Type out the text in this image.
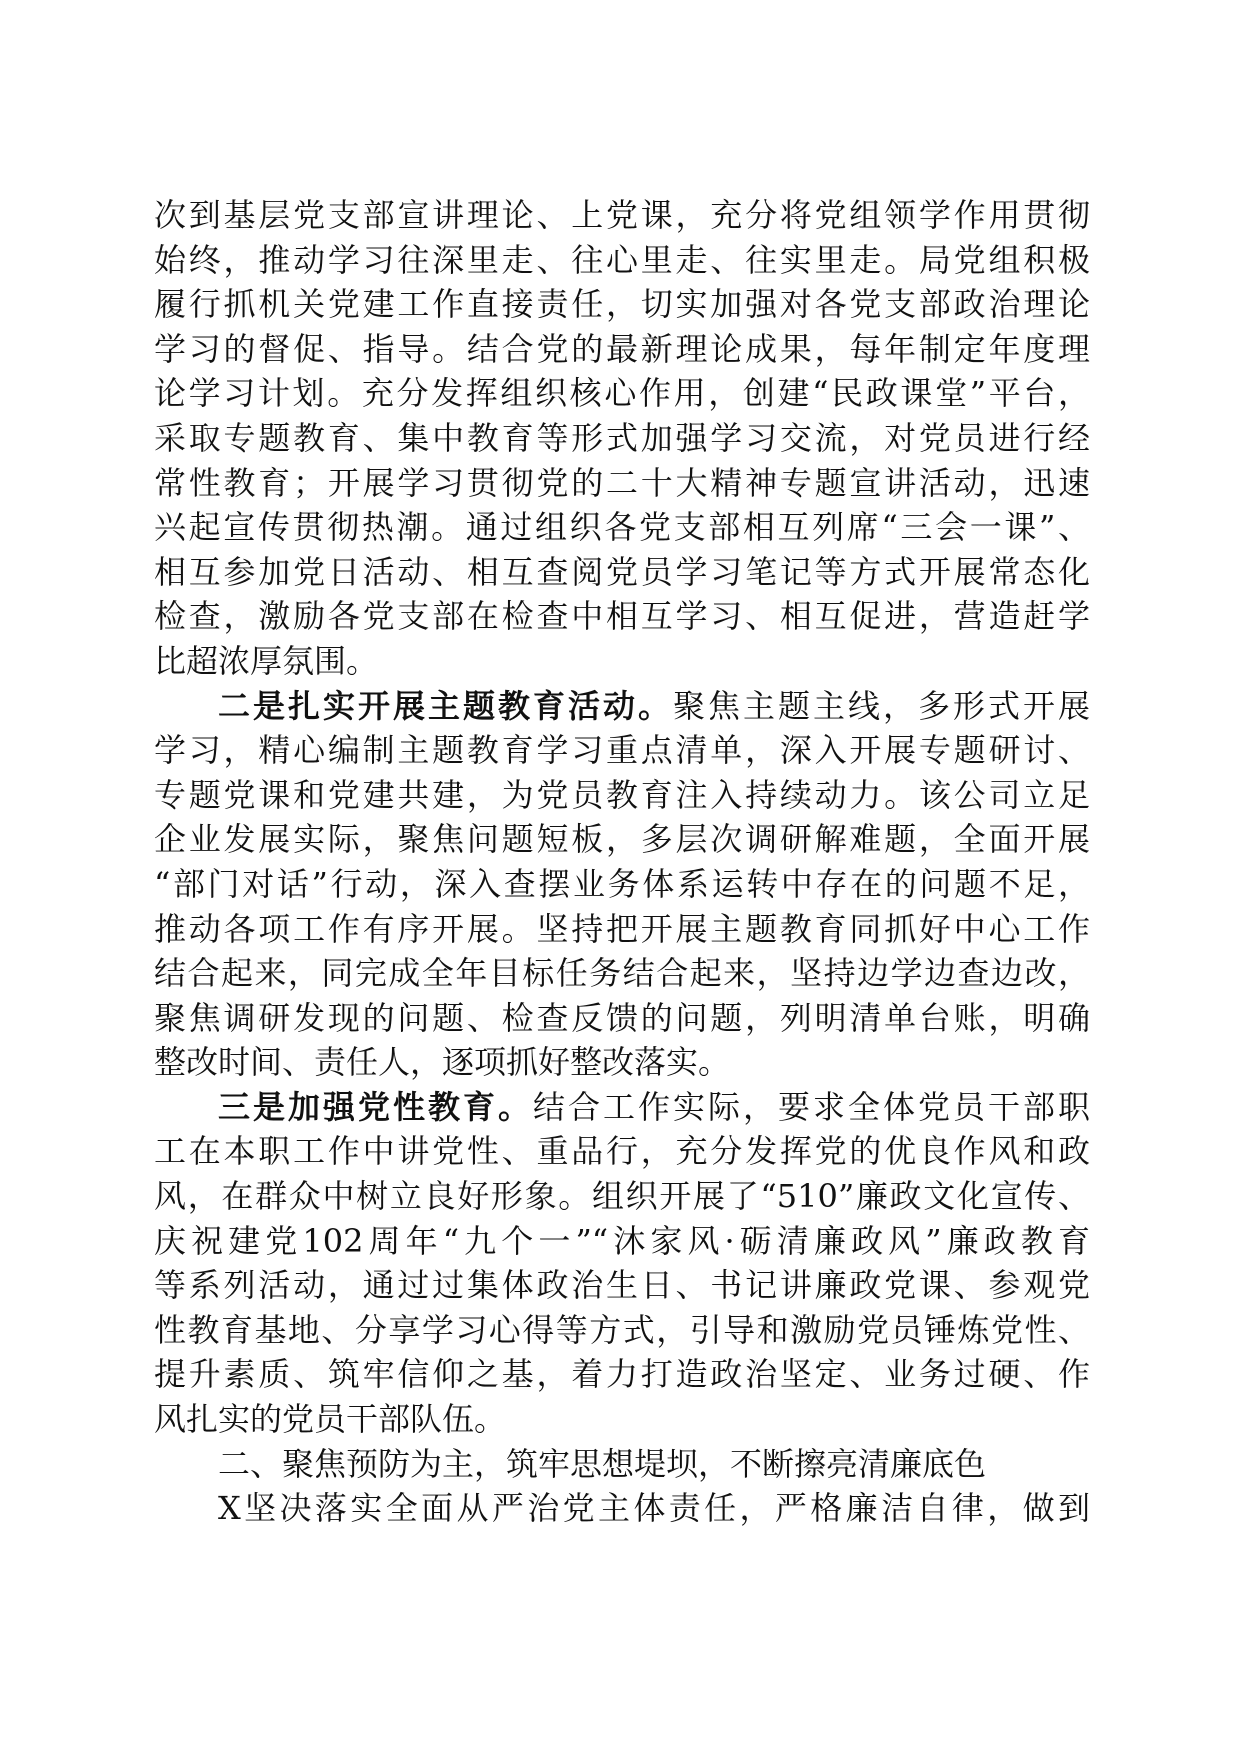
次到基层党支部宣讲理论、上党课，充分将党组领学作用贯彻
始终，推动学习往深里走、往心里走、往实里走。局党组积极
履行抓机关党建工作直接责任，切实加强对各党支部政治理论
学习的督促、指导。结合党的最新理论成果，每年制定年度理
论学习计划。充分发挥组织核心作用，创建“民政课堂”平台，
采取专题教育、集中教育等形式加强学习交流，对党员进行经
常性教育；开展学习贯彻党的二十大精神专题宣讲活动，迅速
兴起宣传贯彻热潮。通过组织各党支部相互列席“三会一课”、
相互参加党日活动、相互查阅党员学习笔记等方式开展常态化
检查，激励各党支部在检查中相互学习、相互促进，营造赶学
比超浓厚氛围。
二是扎实开展主题教育活动。聚焦主题主线，多形式开展
学习，精心编制主题教育学习重点清单，深入开展专题研讨、
专题党课和党建共建，为党员教育注入持续动力。该公司立足
企业发展实际，聚焦问题短板，多层次调研解难题，全面开展
“部门对话”行动，深入查摆业务体系运转中存在的问题不足，
推动各项工作有序开展。坚持把开展主题教育同抓好中心工作
结合起来，同完成全年目标任务结合起来，坚持边学边查边改，
聚焦调研发现的问题、检查反馈的问题，列明清单台账，明确
整改时间、责任人，逐项抓好整改落实。
三是加强党性教育。结合工作实际，要求全体党员干部职
工在本职工作中讲党性、重品行，充分发挥党的优良作风和政
风，在群众中树立良好形象。组织开展了“510”廉政文化宣传、
庆祝建党102周年“九个一”“沐家风·砺清廉政风”廉政教育
等系列活动，通过过集体政治生日、书记讲廉政党课、参观党
性教育基地、分享学习心得等方式，引导和激励党员锤炼党性、
提升素质、筑牢信仰之基，着力打造政治坚定、业务过硬、作
风扎实的党员干部队伍。
二、聚焦预防为主，筑牢思想堤坝，不断擦亮清廉底色
X坚决落实全面从严治党主体责任，严格廉洁自律，做到
